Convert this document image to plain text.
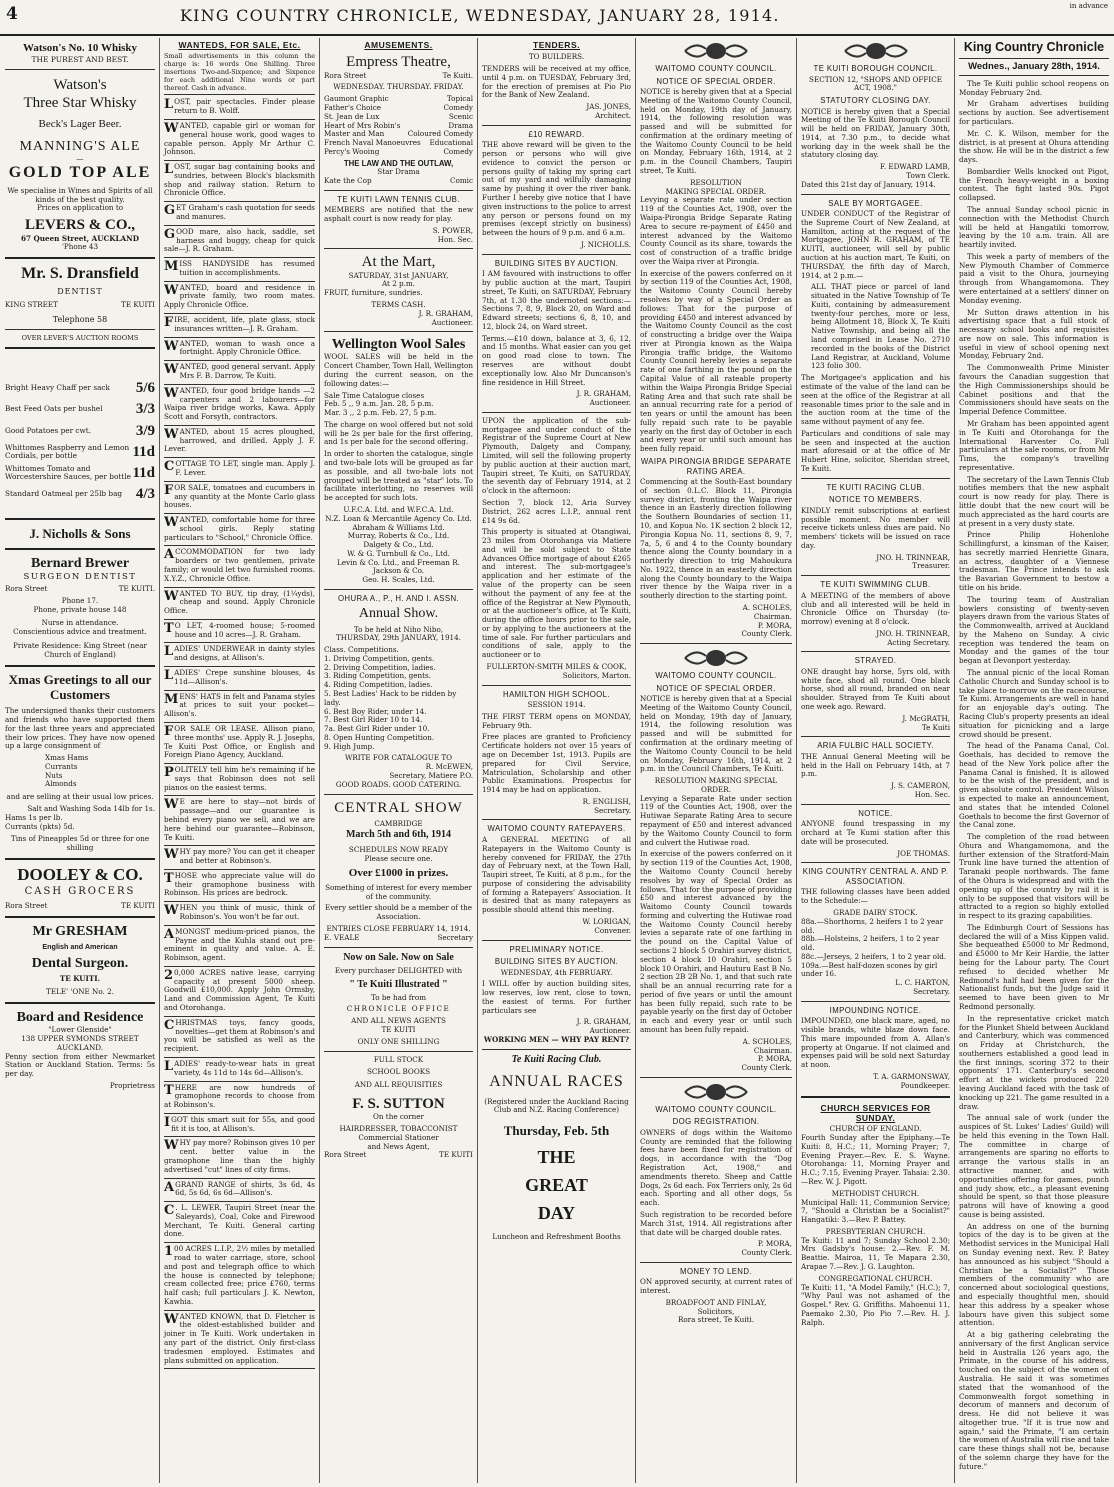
4	KING COUNTRY CHRONICLE, WEDNESDAY, JANUARY 28, 1914.	in advance
Watson's No. 10 Whisky
THE PUREST AND BEST.
Watson's
Three Star Whisky
Beck's Lager Beer.
MANNING'S ALE
—
GOLD TOP ALE
We specialise in Wines and Spirits of all kinds of the best quality.
Prices on application to
LEVERS & CO.,
67 Queen Street, AUCKLAND
'Phone 43
Mr. S. Dransfield
DENTIST
KING STREET	TE KUITI
Telephone 58
OVER LEVER'S AUCTION ROOMS
Bright Heavy Chaff per sack 5/6
Best Feed Oats per bushel 3/3
Good Potatoes per cwt.	3/9
Whittomes Raspberry and Lemon Cordials, per bottle	11d
Whittomes Tomato and Worcestershire Sauces, per bottle 11d
Standard Oatmeal per 25lb bag 4/3
J. Nicholls & Sons
Bernard Brewer
SURGEON DENTIST
Rora Street	TE KUITI.
Phone 17.
Phone, private house 148
Nurse in attendance.
Conscientious advice and treatment.
Private Residence: King Street (near Church of England)
Xmas Greetings to all our Customers
The undersigned thanks their customers and friends who have supported them for the last three years and appreciated their low prices. They have now opened up a large consignment of
Xmas Hams
Currants
Nuts
Almonds
and are selling at their usual low prices.
Salt and Washing Soda 14lb for 1s.
Hams 1s per lb.
Currants (pkts) 5d.
Tins of Pineapples 5d or three for one shilling
DOOLEY & CO.
CASH GROCERS
Rora Street	TE KUITI
Mr GRESHAM
English and American
Dental Surgeon.
TE KUITI.
TELE' 'ONE No. 2.
Board and Residence
"Lower Glenside"
138 UPPER SYMONDS STREET AUCKLAND.
Penny section from either Newmarket Station or Auckland Station. Terms: 5s per day.
Proprietress
WANTEDS, FOR SALE, Etc.
Small advertisements in this column the charge is: 16 words One Shilling. Three insertions Two-and-Sixpence; and Sixpence for each additional Nine words or part thereof. Cash in advance.
LOST, pair spectacles. Finder please return to B. Wolff.
WANTED, capable girl or woman for general house work, good wages to capable person. Apply Mr Arthur C. Johnson.
LOST, sugar bag containing books and sundries, between Block's blacksmith shop and railway station. Return to Chronicle Office.
GET Graham's cash quotation for seeds and manures.
GOOD mare, also hack, saddle, set harness and buggy, cheap for quick sale—J. R. Graham.
MISS HANDYSIDE has resumed tuition in accomplishments.
WANTED, board and residence in private family, two room mates. Apply Chronicle Office.
FIRE, accident, life, plate glass, stock insurances written—J. R. Graham.
WANTED, woman to wash once a fortnight. Apply Chronicle Office.
WANTED, good general servant. Apply Mrs F. B. Darrow, Te Kuiti.
WANTED, four good bridge hands —2 carpenters and 2 labourers—for Waipa river bridge works, Kawa. Apply Scott and Forsyth, contractors.
WANTED, about 15 acres ploughed, harrowed, and drilled. Apply J. F. Lever.
COTTAGE TO LET, single man. Apply J. F. Lever.
FOR SALE, tomatoes and cucumbers in any quantity at the Monte Carlo glass houses.
WANTED, comfortable home for three school girls. Reply stating particulars to "School," Chronicle Office.
ACCOMMODATION for two lady boarders or two gentlemen, private family; or would let two furnished rooms. X.Y.Z., Chronicle Office.
WANTED TO BUY, tip dray, (1¼yds), cheap and sound. Apply Chronicle Office.
T O LET, 4-roomed house; 5-roomed house and 10 acres—J. R. Graham.
LADIES' UNDERWEAR in dainty styles and designs, at Allison's.
LADIES' Crepe sunshine blouses, 4s 11d—Allison's.
MENS' HATS in felt and Panama styles at prices to suit your pocket—Allison's.
FOR SALE OR LEASE. Allison piano, three months' use. Apply R. J. Josephs, Te Kuiti Post Office, or English and Foreign Piano Agency, Auckland.
POLITELY tell him he's remaining if he says that Robinson does not sell pianos on the easiest terms.
W E are here to stay—not birds of passage—and our guarantee is behind every piano we sell, and we are here behind our guarantee—Robinson, Te Kuiti.
WHY pay more? You can get it cheaper and better at Robinson's.
THOSE who appreciate value will do their gramophone business with Robinson. His prices are bedrock.
WHEN you think of music, think of Robinson's. You won't be far out.
AMONGST medium-priced pianos, the Payne and the Kuhla stand out pre-eminent in quality and value. A. E. Robinson, agent.
2 0,000 ACRES native lease, carrying capacity at present 5000 sheep. Goodwill £10,000. Apply John Ormsby, Land and Commission Agent, Te Kuiti and Otorohanga.
CHRISTMAS toys, fancy goods, novelties—get them at Robinson's and you will be satisfied as well as the recipient.
LADIES' ready-to-wear hats in great variety, 4s 11d to 14s 6d—Allison's.
THERE are now hundreds of gramophone records to choose from at Robinson's.
I GOT this smart suit for 55s, and good fit it is too, at Allison's.
WHY pay more? Robinson gives 10 per cent. better value in the gramophone line than the highly advertised "cut" lines of city firms.
A GRAND RANGE of shirts, 3s 6d, 4s 6d, 5s 6d, 6s 6d—Allison's.
C . L. LEWER, Taupiri Street (near the Saleyards), Coal, Coke and Firewood Merchant, Te Kuiti. General carting done.
1 00 ACRES L.I.P., 2½ miles by metalled road to water carriage, store, school and post and telegraph office to which the house is connected by telephone; cream collected free; price £760, terms half cash; full particulars J. K. Newton, Kawhia.
WANTED KNOWN, that D. Fletcher is the oldest-established builder and joiner in Te Kuiti. Work undertaken in any part of the district. Only first-class tradesmen employed. Estimates and plans submitted on application.
AMUSEMENTS.
Empress Theatre,
Rora Street	Te Kuiti.
WEDNESDAY. THURSDAY. FRIDAY.
Gaumont Graphic	Topical
Father's Choice	Comedy
St. Jean de Lux	Scenic
Heart of Mrs Robin's	Drama
Master and Man	Coloured Comedy
French Naval Manoeuvres Educational
Percy's Wooing	Comedy
THE LAW AND THE OUTLAW,
Star Drama
Kate the Cop	Comic
TE KUITI LAWN TENNIS CLUB.
MEMBERS are notified that the new asphalt court is now ready for play.
S. POWER,
Hon. Sec.
At the Mart,
SATURDAY, 31st JANUARY,
At 2 p.m.
FRUIT, furniture, sundries.
TERMS CASH.
J. R. GRAHAM,
Auctioneer.
Wellington Wool Sales
WOOL SALES will be held in the Concert Chamber, Town Hall, Wellington during the current season, on the following dates:—
Sale Time Catalogue closes
Feb. 5 ,, 9 a.m. Jan. 28, 5 p.m.
Mar. 3 ,, 2 p.m. Feb. 27, 5 p.m.
The charge on wool offered but not sold will be 2s per bale for the first offering, and 1s per bale for the second offering.
In order to shorten the catalogue, single and two-bale lots will be grouped as far as possible, and all two-bale lots not grouped will be treated as "star" lots. To facilitate interlotting, no reserves will be accepted for such lots.
U.F.C.A. Ltd. and W.F.C.A. Ltd.
N.Z. Loan & Mercantile Agency Co. Ltd.
Abraham & Williams Ltd.
Murray, Roberts & Co., Ltd.
Dalgety & Co., Ltd.
W. & G. Turnbull & Co., Ltd.
Levin & Co. Ltd., and Freeman R. Jackson & Co.
Geo. H. Scales, Ltd.
OHURA A., P., H. AND I. ASSN.
Annual Show.
To be held at Niho Nibo,
THURSDAY, 29th JANUARY, 1914.
Class. Competitions.
1. Driving Competition, gents.
2. Driving Competition, ladies.
3. Riding Competition, gents.
4. Riding Competition, ladies.
5. Best Ladies' Hack to be ridden by lady.
6. Best Boy Rider, under 14.
7. Best Girl Rider 10 to 14.
7a. Best Girl Rider under 10.
8. Open Hunting Competition.
9. High Jump.
WRITE FOR CATALOGUE TO
R. McEWEN,
Secretary, Matiere P.O.
GOOD ROADS. GOOD CATERING.
CENTRAL SHOW
CAMBRIDGE
March 5th and 6th, 1914
SCHEDULES NOW READY
Please secure one.
Over £1000 in prizes.
Something of interest for every member of the community.
Every settler should be a member of the Association.
ENTRIES CLOSE FEBRUARY 14, 1914.
E. VEALE	Secretary
Now on Sale. Now on Sale
Every purchaser DELIGHTED with
" Te Kuiti Illustrated "
To be had from
CHRONICLE OFFICE
AND ALL NEWS AGENTS
TE KUITI
ONLY ONE SHILLING
FULL STOCK
SCHOOL BOOKS
AND ALL REQUISITIES
F. S. SUTTON
On the corner
HAIRDRESSER, TOBACCONIST
Commercial Stationer
and News Agent,
Rora Street	TE KUITI
TENDERS.
TO BUILDERS.
TENDERS will be received at my office, until 4 p.m. on TUESDAY, February 3rd, for the erection of premises at Pio Pio for the Bank of New Zealand.
JAS. JONES,
Architect.
£10 REWARD.
THE above reward will be given to the person or persons who will give evidence to convict the person or persons guilty of taking my spring cart out of my yard and wilfully damaging same by pushing it over the river bank. Further I hereby give notice that I have given instructions to the police to arrest any person or persons found on my premises (except strictly on business) between the hours of 9 p.m. and 6 a.m.
J. NICHOLLS.
BUILDING SITES BY AUCTION.
I AM favoured with instructions to offer by public auction at the mart, Taupiri street, Te Kuiti, on SATURDAY, February 7th, at 1.30 the undernoted sections:—Sections 7, 8, 9, Block 20, on Ward and Edward streets; sections 6, 8, 10, and 12, block 24, on Ward street.
Terms.—£10 down, balance at 3, 6, 12, and 15 months. What easier can you get on good road close to town. The reserves are without doubt exceptionally low. Also Mr Duncanson's fine residence in Hill Street.
J. R. GRAHAM,
Auctioneer.
UPON the application of the sub-mortgagee and under conduct of the Registrar of the Supreme Court at New Plymouth, Dalgety and Company, Limited, will sell the following property by public auction at their auction mart, Taupiri street, Te Kuiti, on SATURDAY, the seventh day of February 1914, at 2 o'clock in the afternoon:
Section 7, block 12, Aria Survey District, 262 acres L.I.P., annual rent £14 9s 6d.
This property is situated at Otangiwai, 23 miles from Otorohanga via Matiere and will be sold subject to State Advances Office mortgage of about £265 and interest. The sub-mortgagee's application and her estimate of the value of the property can be seen without the payment of any fee at the office of the Registrar at New Plymouth, or at the auctioneer's office, at Te Kuiti, during the office hours prior to the sale, or by applying to the auctioneers at the time of sale. For further particulars and conditions of sale, apply to the auctioneer or to
FULLERTON-SMITH MILES & COOK,
Solicitors, Marton.
HAMILTON HIGH SCHOOL.
SESSION 1914.
THE FIRST TERM opens on MONDAY, February 9th.
Free places are granted to Proficiency Certificate holders not over 15 years of age on December 1st, 1913. Pupils are prepared for Civil Service, Matriculation, Scholarship and other Public Examinations. Prospectus for 1914 may be had on application.
R. ENGLISH,
Secretary.
WAITOMO COUNTY RATEPAYERS.
A GENERAL MEETING of all Ratepayers in the Waitomo County is hereby convened for FRIDAY, the 27th day of February next, at the Town Hall, Taupiri street, Te Kuiti, at 8 p.m., for the purpose of considering the advisability of forming a Ratepayers' Association. It is desired that as many ratepayers as possible should attend this meeting.
W. LORIGAN,
Convener.
PRELIMINARY NOTICE.
BUILDING SITES BY AUCTION.
WEDNESDAY, 4th FEBRUARY.
I WILL offer by auction building sites, low reserves, low rent, close to town, the easiest of terms. For further particulars see
J. R. GRAHAM,
Auctioneer.
WORKING MEN — WHY PAY RENT?
Te Kuiti Racing Club.
ANNUAL RACES
(Registered under the Auckland Racing Club and N.Z. Racing Conference)
Thursday, Feb. 5th
THE
GREAT
DAY
Luncheon and Refreshment Booths
WAITOMO COUNTY COUNCIL.
NOTICE OF SPECIAL ORDER.
NOTICE is hereby given that at a Special Meeting of the Waitomo County Council, held on Monday, 19th day of January, 1914, the following resolution was passed and will be submitted for confirmation at the ordinary meeting of the Waitomo County Council to be held on Monday, February 16th, 1914, at 2 p.m. in the Council Chambers, Taupiri street, Te Kuiti.
RESOLUTION
MAKING SPECIAL ORDER.
Levying a separate rate under section 119 of the Counties Act, 1908, over the Waipa-Pirongia Bridge Separate Rating Area to secure re-payment of £450 and interest advanced by the Waitomo County Council as its share, towards the cost of construction of a traffic bridge over the Waipa river at Pirongia.
In exercise of the powers conferred on it by section 119 of the Counties Act, 1908, the Waitomo County Council hereby resolves by way of a Special Order as follows: That for the purpose of providing £450 and interest advanced by the Waitomo County Council as the cost of constructing a bridge over the Waipa river at Pirongia known as the Waipa Pirongia traffic bridge, the Waitomo County Council hereby levies a separate rate of one farthing in the pound on the Capital Value of all rateable property within the Waipa Pirongia Bridge Special Rating Area and that such rate shall be an annual recurring rate for a period of ten years or until the amount has been fully repaid such rate to be payable yearly on the first day of October in each and every year or until such amount has been fully repaid.
WAIPA PIRONGIA BRIDGE SEPARATE RATING AREA.
Commencing at the South-East boundary of section 0.L.C. Block 11, Pirongia survey district, fronting the Waipa river thence in an Easterly direction following the Southern Boundaries of section 11, 10, and Kopua No. 1K section 2 block 12, Pirongia Kopua No. 11, sections 8, 9, 7, 7a, 5, 6 and 4 to the County boundary thence along the County boundary in a northerly direction to trig Mahoukura No. 1922, thence in an easterly direction along the County boundary to the Waipa river thence by the Waipa river in a southerly direction to the starting point.
A. SCHOLES,
Chairman.
P. MORA,
County Clerk.
WAITOMO COUNTY COUNCIL.
NOTICE OF SPECIAL ORDER.
NOTICE is hereby given that at a Special Meeting of the Waitomo County Council, held on Monday, 19th day of January, 1914, the following resolution was passed and will be submitted for confirmation at the ordinary meeting of the Waitomo County Council to be held on Monday, February 16th, 1914, at 2 p.m. in the Council Chambers, Te Kuiti.
RESOLUTION MAKING SPECIAL ORDER.
Levying a Separate Rate under section 119 of the Counties Act, 1908, over the Hutiwae Separate Rating Area to secure repayment of £50 and interest advanced by the Waitomo County Council to form and culvert the Hutiwae road.
In exercise of the powers conferred on it by section 119 of the Counties Act, 1908, the Waitomo County Council hereby resolves by way of Special Order as follows. That for the purpose of providing £50 and interest advanced by the Waitomo County Council towards forming and culverting the Hutiwae road the Waitomo County Council hereby levies a separate rate of one farthing in the pound on the Capital Value of sections 2 block 5 Orahiri survey district, section 4 block 10 Orahiri, section 5 block 10 Orahiri, and Hauturu East B No. 2 section 2B 2B No. 1, and that such rate shall be an annual recurring rate for a period of five years or until the amount has been fully repaid, such rate to be payable yearly on the first day of October in each and every year or until such amount has been fully repaid.
A. SCHOLES,
Chairman.
P. MORA,
County Clerk.
WAITOMO COUNTY COUNCIL.
DOG REGISTRATION.
OWNERS of dogs within the Waitomo County are reminded that the following fees have been fixed for registration of dogs, in accordance with the "Dog Registration Act, 1908," and amendments thereto. Sheep and Cattle Dogs, 2s 6d each. Fox Terriers only, 2s 6d each. Sporting and all other dogs, 5s each.
Such registration to be recorded before March 31st, 1914. All registrations after that date will be charged double rates.
P. MORA,
County Clerk.
MONEY TO LEND.
ON approved security, at current rates of interest.
BROADFOOT AND FINLAY,
Solicitors,
Rora street, Te Kuiti.
TE KUITI BOROUGH COUNCIL.
SECTION 12, "SHOPS AND OFFICE ACT, 1908."
STATUTORY CLOSING DAY.
NOTICE is hereby given that a Special Meeting of the Te Kuiti Borough Council will be held on FRIDAY, January 30th, 1914, at 7.30 p.m., to decide what working day in the week shall be the statutory closing day.
F. EDWARD LAMB,
Town Clerk.
Dated this 21st day of January, 1914.
SALE BY MORTGAGEE.
UNDER CONDUCT of the Registrar of the Supreme Court of New Zealand, at Hamilton, acting at the request of the Mortgagee, JOHN R. GRAHAM, of TE KUITI, auctioneer, will sell by public auction at his auction mart, Te Kuiti, on THURSDAY, the fifth day of March, 1914, at 2 p.m.—
ALL THAT piece or parcel of land situated in the Native Township of Te Kuiti, containing by admeasurement twenty-four perches, more or less, being Allotment 18, Block X, Te Kuiti Native Township, and being all the land comprised in Lease No. 2710 recorded in the books of the District Land Registrar, at Auckland, Volume 123 folio 300.
The Mortgagee's application and his estimate of the value of the land can be seen at the office of the Registrar at all reasonable times prior to the sale and in the auction room at the time of the same without payment of any fee.
Particulars and conditions of sale may be seen and inspected at the auction mart aforesaid or at the office of Mr Hubert Hine, solicitor, Sheridan street, Te Kuiti.
TE KUITI RACING CLUB.
NOTICE TO MEMBERS.
KINDLY remit subscriptions at earliest possible moment. No member will receive tickets unless dues are paid. No members' tickets will be issued on race day.
JNO. H. TRINNEAR,
Treasurer.
TE KUITI SWIMMING CLUB.
A MEETING of the members of above club and all interested will be held in Chronicle Office on Thursday (to-morrow) evening at 8 o'clock.
JNO. H. TRINNEAR,
Acting Secretary.
STRAYED.
ONE draught bay horse, 5yrs old, with white face, shod all round. One black horse, shod all round, branded on near shoulder. Strayed from Te Kuiti about one week ago. Reward.
J. McGRATH,
Te Kuiti
ARIA FULBIC HALL SOCIETY.
THE Annual General Meeting will be held in the Hall on February 14th, at 7 p.m.
J. S. CAMERON,
Hon. Sec.
NOTICE.
ANYONE found trespassing in my orchard at Te Kumi station after this date will be prosecuted.
JOE THOMAS.
KING COUNTRY CENTRAL A. AND P. ASSOCIATION.
THE following classes have been added to the Schedule:—
GRADE DAIRY STOCK.
88a.—Shorthorns, 2 heifers 1 to 2 year old.
88b.—Holsteins, 2 heifers, 1 to 2 year old.
88c.—Jerseys, 2 heifers, 1 to 2 year old.
109a.—Best half-dozen scones by girl under 16.
L. C. HARTON,
Secretary.
IMPOUNDING NOTICE.
IMPOUNDED, one black mare, aged, no visible brands, white blaze down face. This mare impounded from A. Allan's property at Ongarue. If not claimed and expenses paid will be sold next Saturday at noon.
T. A. GARMONSWAY,
Poundkeeper.
CHURCH SERVICES FOR SUNDAY.
CHURCH OF ENGLAND.
Fourth Sunday after the Epiphany.—Te Kuiti: 8, H.C.; 11, Morning Prayer; 7, Evening Prayer.—Rev. E. S. Wayne. Otorohanga: 11, Morning Prayer and H.C.; 7.15, Evening Prayer. Tahaia: 2.30.—Rev. W. J. Pigott.
METHODIST CHURCH.
Municipal Hall: 11, Communion Service; 7, "Should a Christian be a Socialist?" Hangatiki: 3.—Rev. P. Battey.
PRESBYTERIAN CHURCH.
Te Kuiti: 11 and 7; Sunday School 2.30; Mrs Gadsby's house: 2.—Rev. F. M. Beattie. Mairoa, 11, Te Mapara 2.30, Arapae 7.—Rev. J. G. Laughton.
CONGREGATIONAL CHURCH.
Te Kuiti: 11, "A Model Family," (H.C.); 7, "Why Paul was not ashamed of the Gospel." Rev. G. Griffiths. Mahoenui 11, Paemako 2.30, Pio Pio 7.—Rev. H. J. Ralph.
King Country Chronicle
Wednes., January 28th, 1914.

The Te Kuiti public school reopens on Monday February 2nd.

Mr Graham advertises building sections by auction. See advertisement for particulars.

Mr. C. K. Wilson, member for the district, is at present at Ohura attending the show. He will be in the district a few days.

Bombardier Wells knocked out Pigot, the French heavy-weight in a boxing contest. The fight lasted 90s. Pigot collapsed.

The annual Sunday school picnic in connection with the Methodist Church will be held at Hangatiki tomorrow, leaving by the 10 a.m. train. All are heartily invited.

This week a party of members of the New Plymouth Chamber of Commerce paid a visit to the Ohura, journeying through from Whangamomona. They were entertained at a settlers' dinner on Monday evening.

Mr Sutton draws attention in his advertising space that a full stock of necessary school books and requisites are now on sale. This information is useful in view of school opening next Monday, February 2nd.

The Commonwealth Prime Minister favours the Canadian suggestion that the High Commissionerships should be Cabinet positions and that the Commissioners should have seats on the Imperial Defence Committee.

Mr Graham has been appointed agent in Te Kuiti and Otorohanga for the International Harvester Co. Full particulars at the sale rooms, or from Mr Tims, the company's travelling representative.

The secretary of the Lawn Tennis Club notifies members that the new asphalt court is now ready for play. There is little doubt that the new court will be much appreciated as the hard courts are at present in a very dusty state.

Prince Philip Hohenlohe Schillingfurst, a kinsman of the Kaiser, has secretly married Henriette Ginara, an actress, daughter of a Viennese tradesman. The Prince intends to ask the Bavarian Government to bestow a title on his bride.

The touring team of Australian bowlers consisting of twenty-seven players drawn from the various States of the Commonwealth, arrived at Auckland by the Maheno on Sunday. A civic reception was tendered the team on Monday and the games of the tour began at Devonport yesterday.

The annual picnic of the local Roman Catholic Church and Sunday school is to take place to-morrow on the racecourse, Te Kumi. Arrangements are well in hand for an enjoyable day's outing. The Racing Club's property presents an ideal situation for picnicking and a large crowd should be present.

The head of the Panama Canal, Col. Goethals, has decided to remove the head of the New York police after the Panama Canal is finished. It is allowed to be the wish of the president, and is given absolute control. President Wilson is expected to make an announcement, and states that he intended Colonel Goethals to become the first Governor of the Canal zone.

The completion of the road between Ohura and Whangamomona, and the further extension of the Stratford-Main Trunk line have turned the attention of Taranaki people northwards. The fame of the Ohura is widespread and with the opening up of the country by rail it is only to be supposed that visitors will be attracted to a region so highly extolled in respect to its grazing capabilities.

The Edinburgh Court of Sessions has declared the will of a Miss Kippen valid. She bequeathed £5000 to Mr Redmond, and £5000 to Mr Keir Hardie, the latter being for the Labour party. The Court refused to decided whether Mr Redmond's half had been given for the Nationalist funds, but the Judge said it seemed to have been given to Mr Redmond personally.

In the representative cricket match for the Plunket Shield between Auckland and Canterbury, which was commenced on Friday at Christchurch, the southerners established a good lead in the first innings, scoring 372 to their opponents' 171. Canterbury's second effort at the wickets produced 220 leaving Auckland faced with the task of knocking up 221. The game resulted in a draw.

The annual sale of work (under the auspices of St. Lukes' Ladies' Guild) will be held this evening in the Town Hall. The committee in charge of arrangements are sparing no efforts to arrange the various stalls in an attractive manner, and with opportunities offering for games, punch and judy show, etc., a pleasant evening should be spent, so that those pleasure patrons will have of knowing a good cause is being assisted.

An address on one of the burning topics of the day is to be given at the Methodist services in the Municipal Hall on Sunday evening next. Rev. P. Batey has announced as his subject "Should a Christian be a Socialist?" Those members of the community who are concerned about sociological questions, and especially thoughtful men, should hear this address by a speaker whose labours have given this subject some attention.

At a big gathering celebrating the anniversary of the first Anglican service held in Australia 126 years ago, the Primate, in the course of his address, touched on the subject of the women of Australia. He said it was sometimes stated that the womanhood of the Commonwealth forgot something in decorum of manners and decorum of dress. He did not believe it was altogether true. "If it is true now and again," said the Primate, "I am certain the women of Australia will rise and take care these things shall not be, because of the solemn charge they have for the future."
